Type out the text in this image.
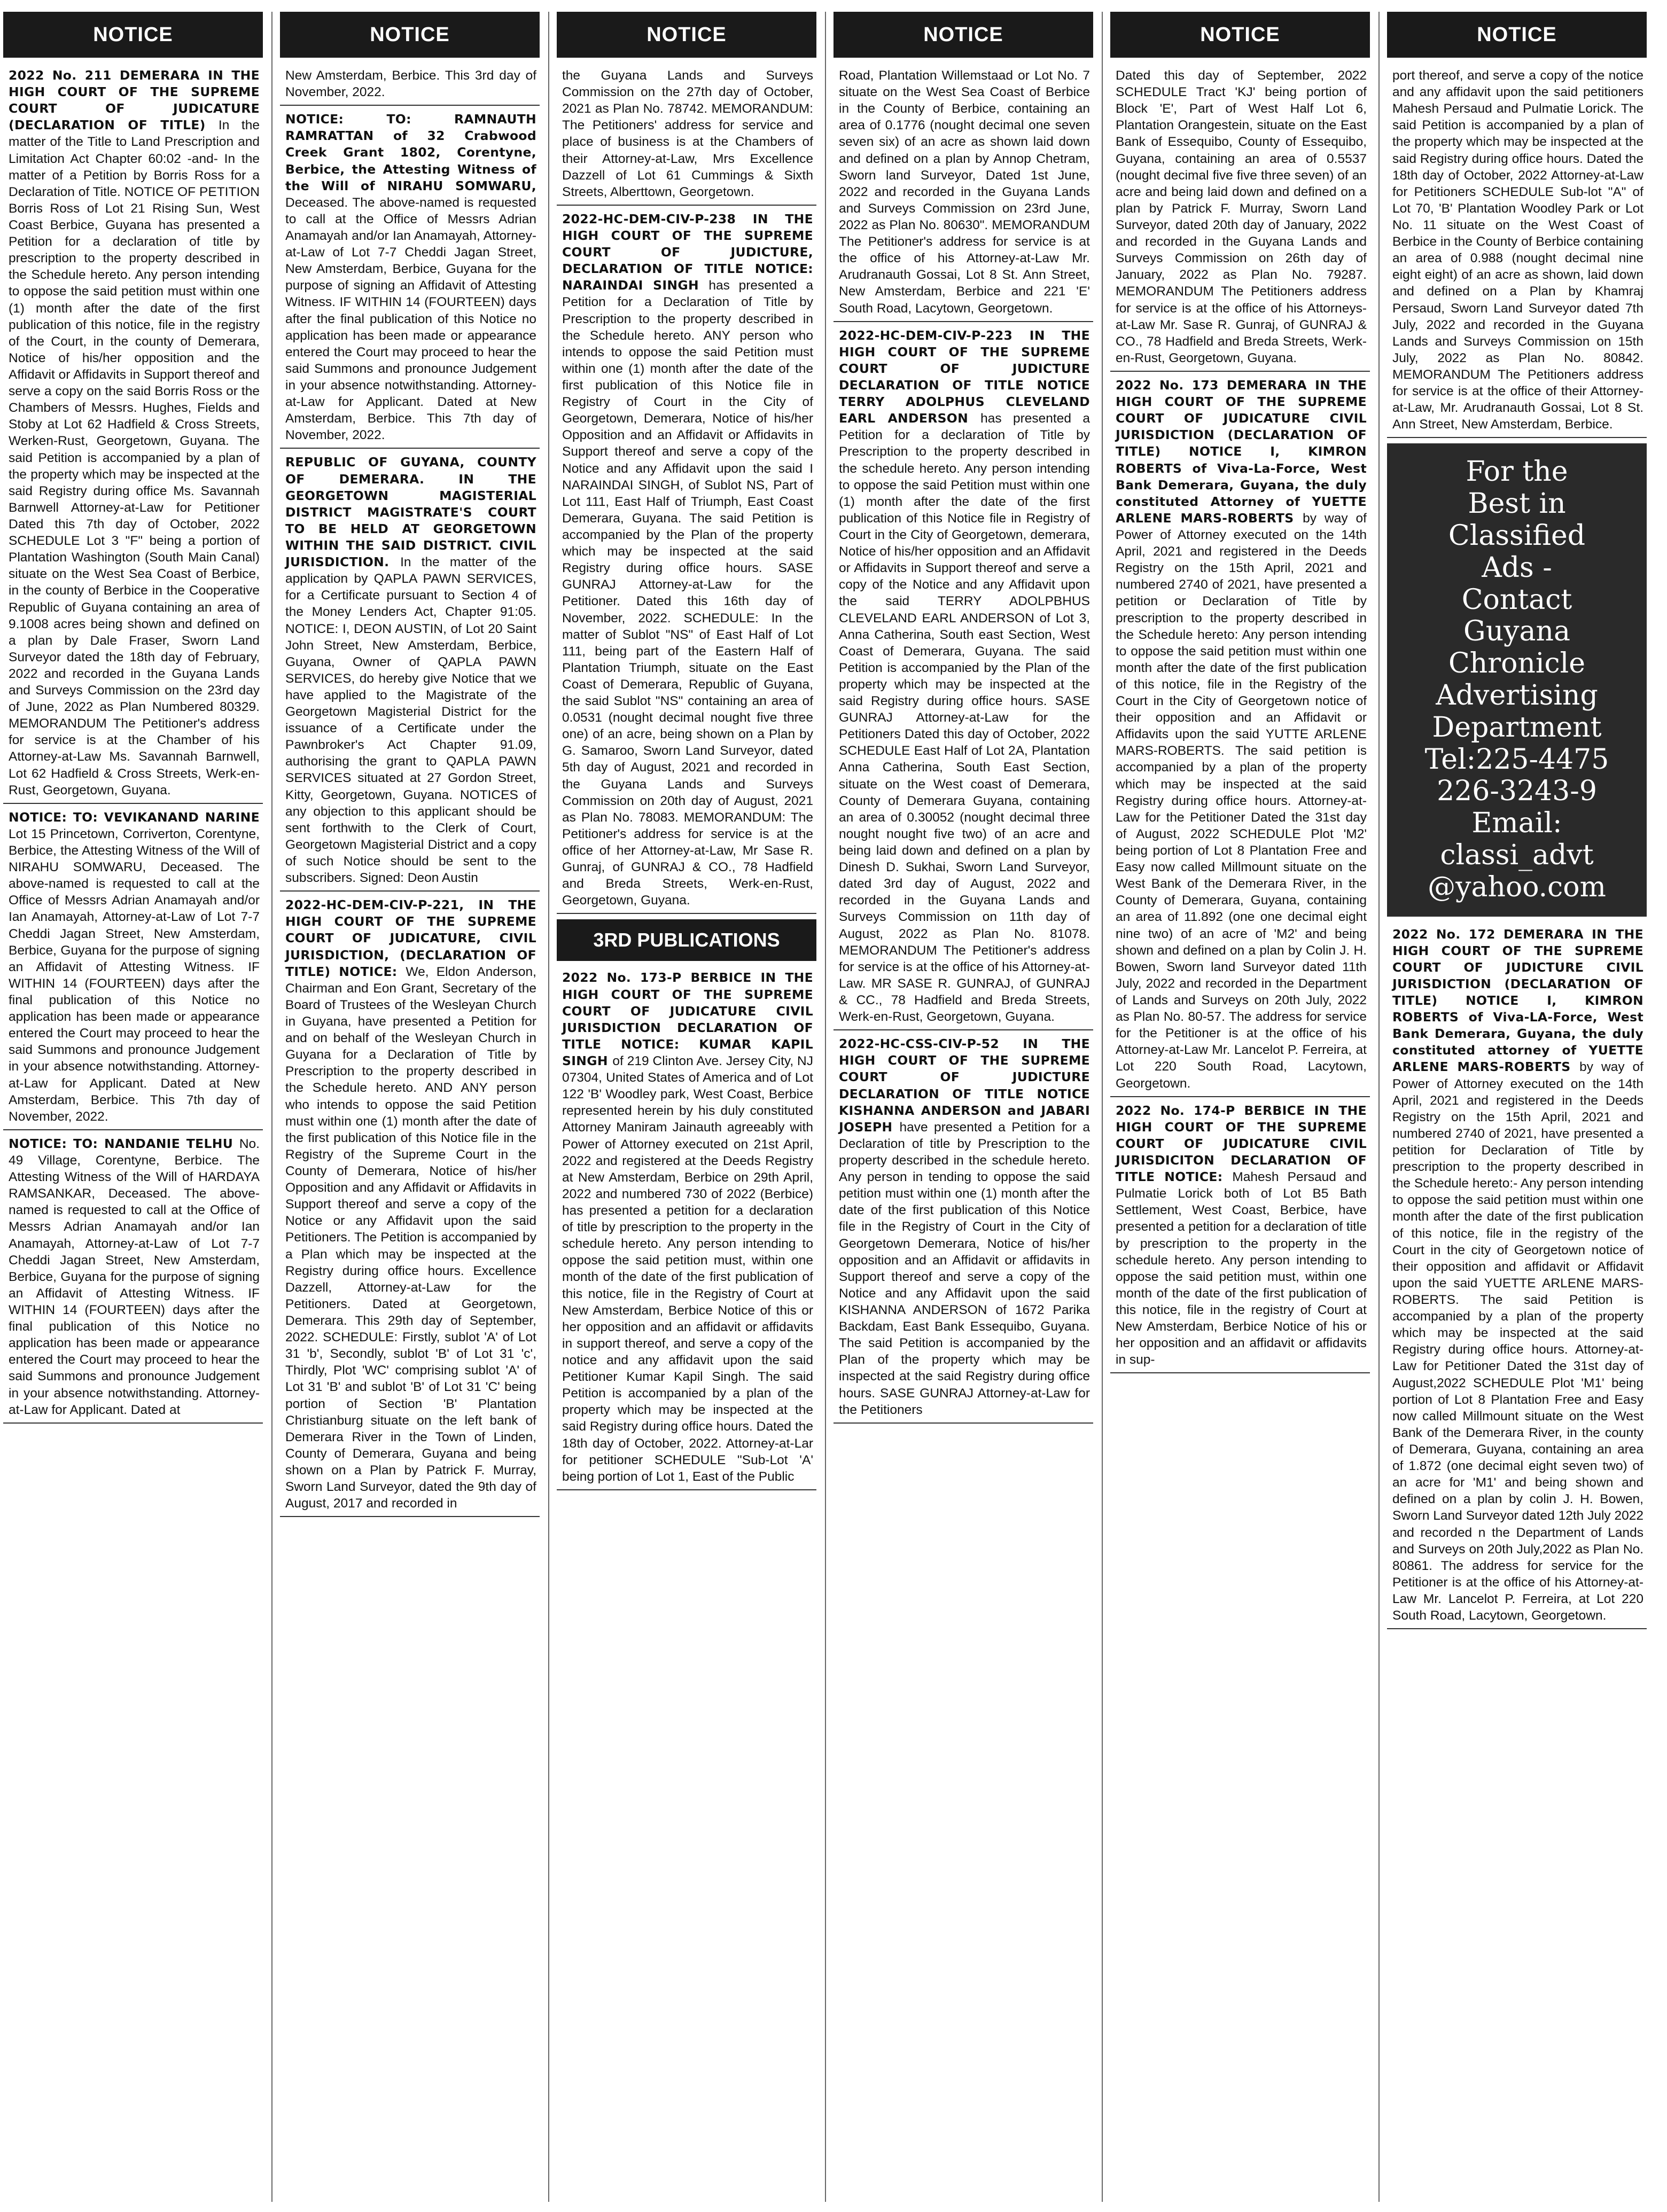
NOTICE
2022 No. 211 DEMERARA IN THE HIGH COURT OF THE SUPREME COURT OF JUDICATURE (DECLARATION OF TITLE) In the matter of the Title to Land Prescription and Limitation Act Chapter 60:02 -and- In the matter of a Petition by Borris Ross for a Declaration of Title. NOTICE OF PETITION Borris Ross of Lot 21 Rising Sun, West Coast Berbice, Guyana has presented a Petition for a declaration of title by prescription to the property described in the Schedule hereto. Any person intending to oppose the said petition must within one (1) month after the date of the first publication of this notice, file in the registry of the Court, in the county of Demerara, Notice of his/her opposition and the Affidavit or Affidavits in Support thereof and serve a copy on the said Borris Ross or the Chambers of Messrs. Hughes, Fields and Stoby at Lot 62 Hadfield & Cross Streets, Werken-Rust, Georgetown, Guyana. The said Petition is accompanied by a plan of the property which may be inspected at the said Registry during office Ms. Savannah Barnwell Attorney-at-Law for Petitioner Dated this 7th day of October, 2022 SCHEDULE Lot 3 "F" being a portion of Plantation Washington (South Main Canal) situate on the West Sea Coast of Berbice, in the county of Berbice in the Cooperative Republic of Guyana containing an area of 9.1008 acres being shown and defined on a plan by Dale Fraser, Sworn Land Surveyor dated the 18th day of February, 2022 and recorded in the Guyana Lands and Surveys Commission on the 23rd day of June, 2022 as Plan Numbered 80329. MEMORANDUM The Petitioner's address for service is at the Chamber of his Attorney-at-Law Ms. Savannah Barnwell, Lot 62 Hadfield & Cross Streets, Werk-en-Rust, Georgetown, Guyana.
NOTICE: TO: VEVIKANAND NARINE Lot 15 Princetown, Corriverton, Corentyne, Berbice, the Attesting Witness of the Will of NIRAHU SOMWARU, Deceased. The above-named is requested to call at the Office of Messrs Adrian Anamayah and/or Ian Anamayah, Attorney-at-Law of Lot 7-7 Cheddi Jagan Street, New Amsterdam, Berbice, Guyana for the purpose of signing an Affidavit of Attesting Witness. IF WITHIN 14 (FOURTEEN) days after the final publication of this Notice no application has been made or appearance entered the Court may proceed to hear the said Summons and pronounce Judgement in your absence notwithstanding. Attorney-at-Law for Applicant. Dated at New Amsterdam, Berbice. This 7th day of November, 2022.
NOTICE: TO: NANDANIE TELHU No. 49 Village, Corentyne, Berbice. The Attesting Witness of the Will of HARDAYA RAMSANKAR, Deceased. The above-named is requested to call at the Office of Messrs Adrian Anamayah and/or Ian Anamayah, Attorney-at-Law of Lot 7-7 Cheddi Jagan Street, New Amsterdam, Berbice, Guyana for the purpose of signing an Affidavit of Attesting Witness. IF WITHIN 14 (FOURTEEN) days after the final publication of this Notice no application has been made or appearance entered the Court may proceed to hear the said Summons and pronounce Judgement in your absence notwithstanding. Attorney-at-Law for Applicant. Dated at
NOTICE
New Amsterdam, Berbice. This 3rd day of November, 2022.
NOTICE: TO: RAMNAUTH RAMRATTAN of 32 Crabwood Creek Grant 1802, Corentyne, Berbice, the Attesting Witness of the Will of NIRAHU SOMWARU, Deceased. The above-named is requested to call at the Office of Messrs Adrian Anamayah and/or Ian Anamayah, Attorney-at-Law of Lot 7-7 Cheddi Jagan Street, New Amsterdam, Berbice, Guyana for the purpose of signing an Affidavit of Attesting Witness. IF WITHIN 14 (FOURTEEN) days after the final publication of this Notice no application has been made or appearance entered the Court may proceed to hear the said Summons and pronounce Judgement in your absence notwithstanding. Attorney-at-Law for Applicant. Dated at New Amsterdam, Berbice. This 7th day of November, 2022.
REPUBLIC OF GUYANA, COUNTY OF DEMERARA. IN THE GEORGETOWN MAGISTERIAL DISTRICT MAGISTRATE'S COURT TO BE HELD AT GEORGETOWN WITHIN THE SAID DISTRICT. CIVIL JURISDICTION. In the matter of the application by QAPLA PAWN SERVICES, for a Certificate pursuant to Section 4 of the Money Lenders Act, Chapter 91:05. NOTICE: I, DEON AUSTIN, of Lot 20 Saint John Street, New Amsterdam, Berbice, Guyana, Owner of QAPLA PAWN SERVICES, do hereby give Notice that we have applied to the Magistrate of the Georgetown Magisterial District for the issuance of a Certificate under the Pawnbroker's Act Chapter 91.09, authorising the grant to QAPLA PAWN SERVICES situated at 27 Gordon Street, Kitty, Georgetown, Guyana. NOTICES of any objection to this applicant should be sent forthwith to the Clerk of Court, Georgetown Magisterial District and a copy of such Notice should be sent to the subscribers. Signed: Deon Austin
2022-HC-DEM-CIV-P-221, IN THE HIGH COURT OF THE SUPREME COURT OF JUDICATURE, CIVIL JURISDICTION, (DECLARATION OF TITLE) NOTICE: We, Eldon Anderson, Chairman and Eon Grant, Secretary of the Board of Trustees of the Wesleyan Church in Guyana, have presented a Petition for and on behalf of the Wesleyan Church in Guyana for a Declaration of Title by Prescription to the property described in the Schedule hereto. AND ANY person who intends to oppose the said Petition must within one (1) month after the date of the first publication of this Notice file in the Registry of the Supreme Court in the County of Demerara, Notice of his/her Opposition and any Affidavit or Affidavits in Support thereof and serve a copy of the Notice or any Affidavit upon the said Petitioners. The Petition is accompanied by a Plan which may be inspected at the Registry during office hours. Excellence Dazzell, Attorney-at-Law for the Petitioners. Dated at Georgetown, Demerara. This 29th day of September, 2022. SCHEDULE: Firstly, sublot 'A' of Lot 31 'b', Secondly, sublot 'B' of Lot 31 'c', Thirdly, Plot 'WC' comprising sublot 'A' of Lot 31 'B' and sublot 'B' of Lot 31 'C' being portion of Section 'B' Plantation Christianburg situate on the left bank of Demerara River in the Town of Linden, County of Demerara, Guyana and being shown on a Plan by Patrick F. Murray, Sworn Land Surveyor, dated the 9th day of August, 2017 and recorded in
NOTICE
the Guyana Lands and Surveys Commission on the 27th day of October, 2021 as Plan No. 78742. MEMORANDUM: The Petitioners' address for service and place of business is at the Chambers of their Attorney-at-Law, Mrs Excellence Dazzell of Lot 61 Cummings & Sixth Streets, Alberttown, Georgetown.
2022-HC-DEM-CIV-P-238 IN THE HIGH COURT OF THE SUPREME COURT OF JUDICTURE, DECLARATION OF TITLE NOTICE: NARAINDAI SINGH has presented a Petition for a Declaration of Title by Prescription to the property described in the Schedule hereto. ANY person who intends to oppose the said Petition must within one (1) month after the date of the first publication of this Notice file in Registry of Court in the City of Georgetown, Demerara, Notice of his/her Opposition and an Affidavit or Affidavits in Support thereof and serve a copy of the Notice and any Affidavit upon the said I NARAINDAI SINGH, of Sublot NS, Part of Lot 111, East Half of Triumph, East Coast Demerara, Guyana. The said Petition is accompanied by the Plan of the property which may be inspected at the said Registry during office hours. SASE GUNRAJ Attorney-at-Law for the Petitioner. Dated this 16th day of November, 2022. SCHEDULE: In the matter of Sublot "NS" of East Half of Lot 111, being part of the Eastern Half of Plantation Triumph, situate on the East Coast of Demerara, Republic of Guyana, the said Sublot "NS" containing an area of 0.0531 (nought decimal nought five three one) of an acre, being shown on a Plan by G. Samaroo, Sworn Land Surveyor, dated 5th day of August, 2021 and recorded in the Guyana Lands and Surveys Commission on 20th day of August, 2021 as Plan No. 78083. MEMORANDUM: The Petitioner's address for service is at the office of her Attorney-at-Law, Mr Sase R. Gunraj, of GUNRAJ & CO., 78 Hadfield and Breda Streets, Werk-en-Rust, Georgetown, Guyana.
3RD PUBLICATIONS
2022 No. 173-P BERBICE IN THE HIGH COURT OF THE SUPREME COURT OF JUDICATURE CIVIL JURISDICTION DECLARATION OF TITLE NOTICE: KUMAR KAPIL SINGH of 219 Clinton Ave. Jersey City, NJ 07304, United States of America and of Lot 122 'B' Woodley park, West Coast, Berbice represented herein by his duly constituted Attorney Maniram Jainauth agreeably with Power of Attorney executed on 21st April, 2022 and registered at the Deeds Registry at New Amsterdam, Berbice on 29th April, 2022 and numbered 730 of 2022 (Berbice) has presented a petition for a declaration of title by prescription to the property in the schedule hereto. Any person intending to oppose the said petition must, within one month of the date of the first publication of this notice, file in the Registry of Court at New Amsterdam, Berbice Notice of this or her opposition and an affidavit or affidavits in support thereof, and serve a copy of the notice and any affidavit upon the said Petitioner Kumar Kapil Singh. The said Petition is accompanied by a plan of the property which may be inspected at the said Registry during office hours. Dated the 18th day of October, 2022. Attorney-at-Lar for petitioner SCHEDULE "Sub-Lot 'A' being portion of Lot 1, East of the Public
NOTICE
Road, Plantation Willemstaad or Lot No. 7 situate on the West Sea Coast of Berbice in the County of Berbice, containing an area of 0.1776 (nought decimal one seven seven six) of an acre as shown laid down and defined on a plan by Annop Chetram, Sworn land Surveyor, Dated 1st June, 2022 and recorded in the Guyana Lands and Surveys Commission on 23rd June, 2022 as Plan No. 80630". MEMORANDUM The Petitioner's address for service is at the office of his Attorney-at-Law Mr. Arudranauth Gossai, Lot 8 St. Ann Street, New Amsterdam, Berbice and 221 'E' South Road, Lacytown, Georgetown.
2022-HC-DEM-CIV-P-223 IN THE HIGH COURT OF THE SUPREME COURT OF JUDICTURE DECLARATION OF TITLE NOTICE TERRY ADOLPHUS CLEVELAND EARL ANDERSON has presented a Petition for a declaration of Title by Prescription to the property described in the schedule hereto. Any person intending to oppose the said Petition must within one (1) month after the date of the first publication of this Notice file in Registry of Court in the City of Georgetown, demerara, Notice of his/her opposition and an Affidavit or Affidavits in Support thereof and serve a copy of the Notice and any Affidavit upon the said TERRY ADOLPBHUS CLEVELAND EARL ANDERSON of Lot 3, Anna Catherina, South east Section, West Coast of Demerara, Guyana. The said Petition is accompanied by the Plan of the property which may be inspected at the said Registry during office hours. SASE GUNRAJ Attorney-at-Law for the Petitioners Dated this day of October, 2022 SCHEDULE East Half of Lot 2A, Plantation Anna Catherina, South East Section, situate on the West coast of Demerara, County of Demerara Guyana, containing an area of 0.30052 (nought decimal three nought nought five two) of an acre and being laid down and defined on a plan by Dinesh D. Sukhai, Sworn Land Surveyor, dated 3rd day of August, 2022 and recorded in the Guyana Lands and Surveys Commission on 11th day of August, 2022 as Plan No. 81078. MEMORANDUM The Petitioner's address for service is at the office of his Attorney-at-Law. MR SASE R. GUNRAJ, of GUNRAJ & CC., 78 Hadfield and Breda Streets, Werk-en-Rust, Georgetown, Guyana.
2022-HC-CSS-CIV-P-52 IN THE HIGH COURT OF THE SUPREME COURT OF JUDICTURE DECLARATION OF TITLE NOTICE KISHANNA ANDERSON and JABARI JOSEPH have presented a Petition for a Declaration of title by Prescription to the property described in the schedule hereto. Any person in tending to oppose the said petition must within one (1) month after the date of the first publication of this Notice file in the Registry of Court in the City of Georgetown Demerara, Notice of his/her opposition and an Affidavit or affidavits in Support thereof and serve a copy of the Notice and any Affidavit upon the said KISHANNA ANDERSON of 1672 Parika Backdam, East Bank Essequibo, Guyana. The said Petition is accompanied by the Plan of the property which may be inspected at the said Registry during office hours. SASE GUNRAJ Attorney-at-Law for the Petitioners
NOTICE
Dated this day of September, 2022 SCHEDULE Tract 'KJ' being portion of Block 'E', Part of West Half Lot 6, Plantation Orangestein, situate on the East Bank of Essequibo, County of Essequibo, Guyana, containing an area of 0.5537 (nought decimal five five three seven) of an acre and being laid down and defined on a plan by Patrick F. Murray, Sworn Land Surveyor, dated 20th day of January, 2022 and recorded in the Guyana Lands and Surveys Commission on 26th day of January, 2022 as Plan No. 79287. MEMORANDUM The Petitioners address for service is at the office of his Attorneys-at-Law Mr. Sase R. Gunraj, of GUNRAJ & CO., 78 Hadfield and Breda Streets, Werk-en-Rust, Georgetown, Guyana.
2022 No. 173 DEMERARA IN THE HIGH COURT OF THE SUPREME COURT OF JUDICATURE CIVIL JURISDICTION (DECLARATION OF TITLE) NOTICE I, KIMRON ROBERTS of Viva-La-Force, West Bank Demerara, Guyana, the duly constituted Attorney of YUETTE ARLENE MARS-ROBERTS by way of Power of Attorney executed on the 14th April, 2021 and registered in the Deeds Registry on the 15th April, 2021 and numbered 2740 of 2021, have presented a petition or Declaration of Title by prescription to the property described in the Schedule hereto: Any person intending to oppose the said petition must within one month after the date of the first publication of this notice, file in the Registry of the Court in the City of Georgetown notice of their opposition and an Affidavit or Affidavits upon the said YUTTE ARLENE MARS-ROBERTS. The said petition is accompanied by a plan of the property which may be inspected at the said Registry during office hours. Attorney-at-Law for the Petitioner Dated the 31st day of August, 2022 SCHEDULE Plot 'M2' being portion of Lot 8 Plantation Free and Easy now called Millmount situate on the West Bank of the Demerara River, in the County of Demerara, Guyana, containing an area of 11.892 (one one decimal eight nine two) of an acre of 'M2' and being shown and defined on a plan by Colin J. H. Bowen, Sworn land Surveyor dated 11th July, 2022 and recorded in the Department of Lands and Surveys on 20th July, 2022 as Plan No. 80-57. The address for service for the Petitioner is at the office of his Attorney-at-Law Mr. Lancelot P. Ferreira, at Lot 220 South Road, Lacytown, Georgetown.
2022 No. 174-P BERBICE IN THE HIGH COURT OF THE SUPREME COURT OF JUDICATURE CIVIL JURISDICITON DECLARATION OF TITLE NOTICE: Mahesh Persaud and Pulmatie Lorick both of Lot B5 Bath Settlement, West Coast, Berbice, have presented a petition for a declaration of title by prescription to the property in the schedule hereto. Any person intending to oppose the said petition must, within one month of the date of the first publication of this notice, file in the registry of Court at New Amsterdam, Berbice Notice of his or her opposition and an affidavit or affidavits in sup-
NOTICE
port thereof, and serve a copy of the notice and any affidavit upon the said petitioners Mahesh Persaud and Pulmatie Lorick. The said Petition is accompanied by a plan of the property which may be inspected at the said Registry during office hours. Dated the 18th day of October, 2022 Attorney-at-Law for Petitioners SCHEDULE Sub-lot "A" of Lot 70, 'B' Plantation Woodley Park or Lot No. 11 situate on the West Coast of Berbice in the County of Berbice containing an area of 0.988 (nought decimal nine eight eight) of an acre as shown, laid down and defined on a Plan by Khamraj Persaud, Sworn Land Surveyor dated 7th July, 2022 and recorded in the Guyana Lands and Surveys Commission on 15th July, 2022 as Plan No. 80842. MEMORANDUM The Petitioners address for service is at the office of their Attorney-at-Law, Mr. Arudranauth Gossai, Lot 8 St. Ann Street, New Amsterdam, Berbice.
For the
Best in
Classified
Ads -
Contact
Guyana
Chronicle
Advertising
Department
Tel:225-4475
226-3243-9
Email:
classi_advt
@yahoo.com
2022 No. 172 DEMERARA IN THE HIGH COURT OF THE SUPREME COURT OF JUDICTURE CIVIL JURISDICTION (DECLARATION OF TITLE) NOTICE I, KIMRON ROBERTS of Viva-LA-Force, West Bank Demerara, Guyana, the duly constituted attorney of YUETTE ARLENE MARS-ROBERTS by way of Power of Attorney executed on the 14th April, 2021 and registered in the Deeds Registry on the 15th April, 2021 and numbered 2740 of 2021, have presented a petition for Declaration of Title by prescription to the property described in the Schedule hereto:- Any person intending to oppose the said petition must within one month after the date of the first publication of this notice, file in the registry of the Court in the city of Georgetown notice of their opposition and affidavit or Affidavit upon the said YUETTE ARLENE MARS-ROBERTS. The said Petition is accompanied by a plan of the property which may be inspected at the said Registry during office hours. Attorney-at-Law for Petitioner Dated the 31st day of August,2022 SCHEDULE Plot 'M1' being portion of Lot 8 Plantation Free and Easy now called Millmount situate on the West Bank of the Demerara River, in the county of Demerara, Guyana, containing an area of 1.872 (one decimal eight seven two) of an acre for 'M1' and being shown and defined on a plan by colin J. H. Bowen, Sworn Land Surveyor dated 12th July 2022 and recorded n the Department of Lands and Surveys on 20th July,2022 as Plan No. 80861. The address for service for the Petitioner is at the office of his Attorney-at-Law Mr. Lancelot P. Ferreira, at Lot 220 South Road, Lacytown, Georgetown.
